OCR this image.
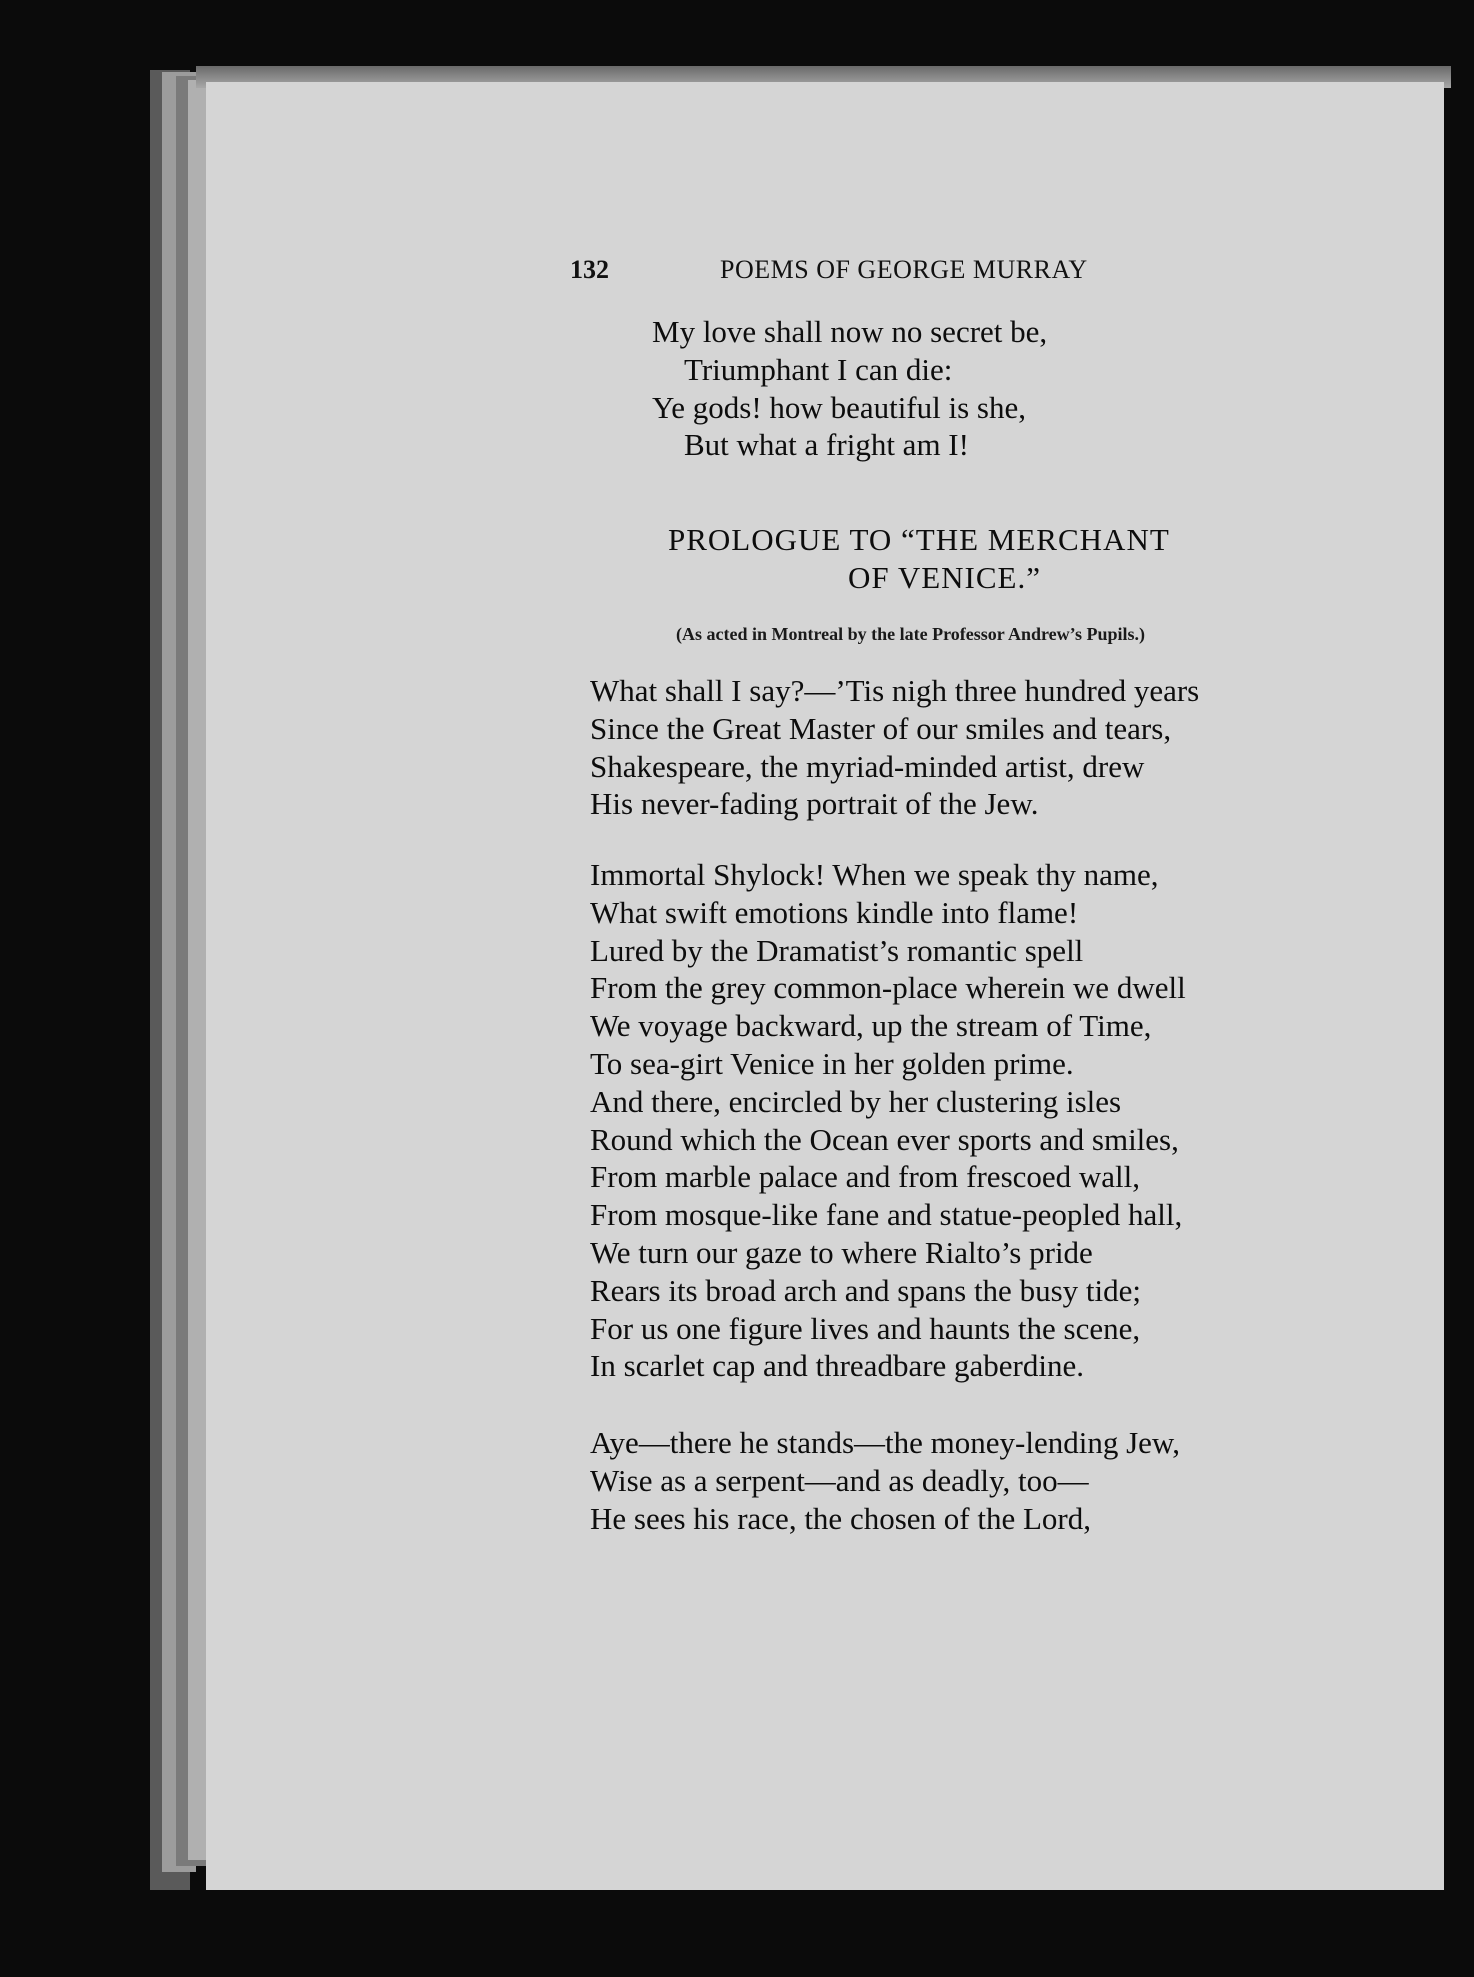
132	POEMS OF GEORGE MURRAY
My love shall now no secret be,
Triumphant I can die:
Ye gods! how beautiful is she,
But what a fright am I!
PROLOGUE TO “THE MERCHANT
OF VENICE.”
(As acted in Montreal by the late Professor Andrew’s Pupils.)
What shall I say?—’Tis nigh three hundred years
Since the Great Master of our smiles and tears,
Shakespeare, the myriad-minded artist, drew
His never-fading portrait of the Jew.
Immortal Shylock! When we speak thy name,
What swift emotions kindle into flame!
Lured by the Dramatist’s romantic spell
From the grey common-place wherein we dwell
We voyage backward, up the stream of Time,
To sea-girt Venice in her golden prime.
And there, encircled by her clustering isles
Round which the Ocean ever sports and smiles,
From marble palace and from frescoed wall,
From mosque-like fane and statue-peopled hall,
We turn our gaze to where Rialto’s pride
Rears its broad arch and spans the busy tide;
For us one figure lives and haunts the scene,
In scarlet cap and threadbare gaberdine.
Aye—there he stands—the money-lending Jew,
Wise as a serpent—and as deadly, too—
He sees his race, the chosen of the Lord,
